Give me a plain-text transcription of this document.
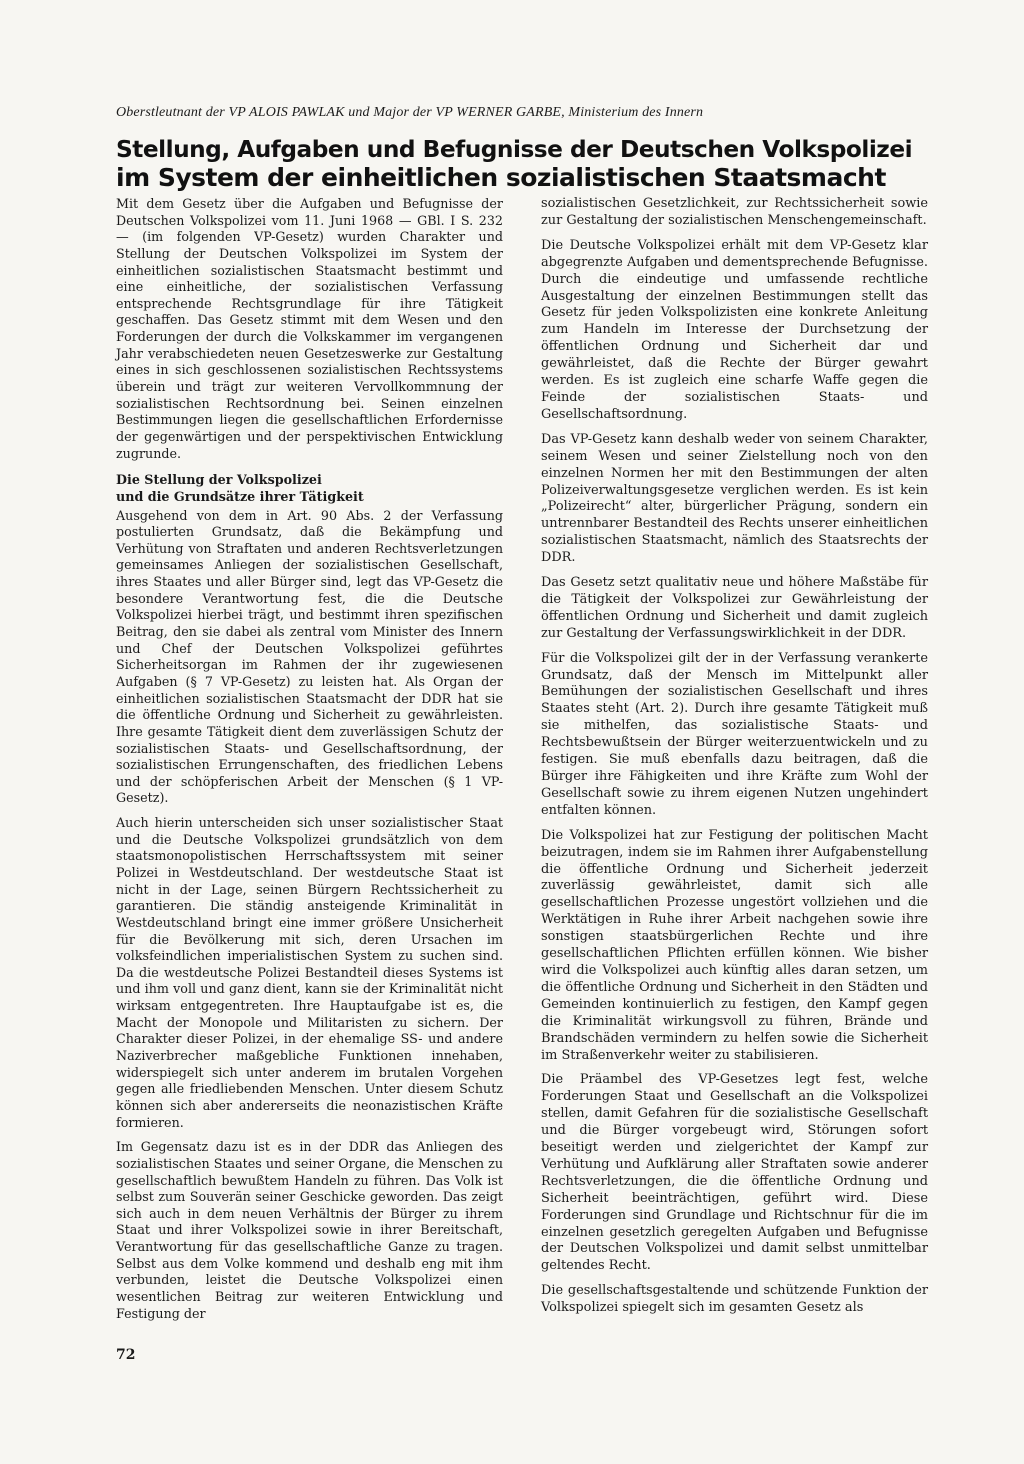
Oberstleutnant der VP ALOIS PAWLAK und Major der VP WERNER GARBE, Ministerium des Innern
Stellung, Aufgaben und Befugnisse der Deutschen Volkspolizei
im System der einheitlichen sozialistischen Staatsmacht

Mit dem Gesetz über die Aufgaben und Befugnisse der Deutschen Volkspolizei vom 11. Juni 1968 — GBl. I S. 232 — (im folgenden VP-Gesetz) wurden Charakter und Stellung der Deutschen Volkspolizei im System der einheitlichen sozialistischen Staatsmacht bestimmt und eine einheitliche, der sozialistischen Verfassung entsprechende Rechtsgrundlage für ihre Tätigkeit geschaffen. Das Gesetz stimmt mit dem Wesen und den Forderungen der durch die Volkskammer im vergangenen Jahr verabschiedeten neuen Gesetzeswerke zur Gestaltung eines in sich geschlossenen sozialistischen Rechtssystems überein und trägt zur weiteren Vervollkommnung der sozialistischen Rechtsordnung bei. Seinen einzelnen Bestimmungen liegen die gesellschaftlichen Erfordernisse der gegenwärtigen und der perspektivischen Entwicklung zugrunde.

Die Stellung der Volkspolizei
und die Grundsätze ihrer Tätigkeit

Ausgehend von dem in Art. 90 Abs. 2 der Verfassung postulierten Grundsatz, daß die Bekämpfung und Verhütung von Straftaten und anderen Rechtsverletzungen gemeinsames Anliegen der sozialistischen Gesellschaft, ihres Staates und aller Bürger sind, legt das VP-Gesetz die besondere Verantwortung fest, die die Deutsche Volkspolizei hierbei trägt, und bestimmt ihren spezifischen Beitrag, den sie dabei als zentral vom Minister des Innern und Chef der Deutschen Volkspolizei geführtes Sicherheitsorgan im Rahmen der ihr zugewiesenen Aufgaben (§ 7 VP-Gesetz) zu leisten hat. Als Organ der einheitlichen sozialistischen Staatsmacht der DDR hat sie die öffentliche Ordnung und Sicherheit zu gewährleisten. Ihre gesamte Tätigkeit dient dem zuverlässigen Schutz der sozialistischen Staats- und Gesellschaftsordnung, der sozialistischen Errungenschaften, des friedlichen Lebens und der schöpferischen Arbeit der Menschen (§ 1 VP-Gesetz).

Auch hierin unterscheiden sich unser sozialistischer Staat und die Deutsche Volkspolizei grundsätzlich von dem staatsmonopolistischen Herrschaftssystem mit seiner Polizei in Westdeutschland. Der westdeutsche Staat ist nicht in der Lage, seinen Bürgern Rechtssicherheit zu garantieren. Die ständig ansteigende Kriminalität in Westdeutschland bringt eine immer größere Unsicherheit für die Bevölkerung mit sich, deren Ursachen im volksfeindlichen imperialistischen System zu suchen sind. Da die westdeutsche Polizei Bestandteil dieses Systems ist und ihm voll und ganz dient, kann sie der Kriminalität nicht wirksam entgegentreten. Ihre Hauptaufgabe ist es, die Macht der Monopole und Militaristen zu sichern. Der Charakter dieser Polizei, in der ehemalige SS- und andere Naziverbrecher maßgebliche Funktionen innehaben, widerspiegelt sich unter anderem im brutalen Vorgehen gegen alle friedliebenden Menschen. Unter diesem Schutz können sich aber andererseits die neonazistischen Kräfte formieren.

Im Gegensatz dazu ist es in der DDR das Anliegen des sozialistischen Staates und seiner Organe, die Menschen zu gesellschaftlich bewußtem Handeln zu führen. Das Volk ist selbst zum Souverän seiner Geschicke geworden. Das zeigt sich auch in dem neuen Verhältnis der Bürger zu ihrem Staat und ihrer Volkspolizei sowie in ihrer Bereitschaft, Verantwortung für das gesellschaftliche Ganze zu tragen. Selbst aus dem Volke kommend und deshalb eng mit ihm verbunden, leistet die Deutsche Volkspolizei einen wesentlichen Beitrag zur weiteren Entwicklung und Festigung der

sozialistischen Gesetzlichkeit, zur Rechtssicherheit sowie zur Gestaltung der sozialistischen Menschengemeinschaft.

Die Deutsche Volkspolizei erhält mit dem VP-Gesetz klar abgegrenzte Aufgaben und dementsprechende Befugnisse. Durch die eindeutige und umfassende rechtliche Ausgestaltung der einzelnen Bestimmungen stellt das Gesetz für jeden Volkspolizisten eine konkrete Anleitung zum Handeln im Interesse der Durchsetzung der öffentlichen Ordnung und Sicherheit dar und gewährleistet, daß die Rechte der Bürger gewahrt werden. Es ist zugleich eine scharfe Waffe gegen die Feinde der sozialistischen Staats- und Gesellschaftsordnung.

Das VP-Gesetz kann deshalb weder von seinem Charakter, seinem Wesen und seiner Zielstellung noch von den einzelnen Normen her mit den Bestimmungen der alten Polizeiverwaltungsgesetze verglichen werden. Es ist kein „Polizeirecht“ alter, bürgerlicher Prägung, sondern ein untrennbarer Bestandteil des Rechts unserer einheitlichen sozialistischen Staatsmacht, nämlich des Staatsrechts der DDR.

Das Gesetz setzt qualitativ neue und höhere Maßstäbe für die Tätigkeit der Volkspolizei zur Gewährleistung der öffentlichen Ordnung und Sicherheit und damit zugleich zur Gestaltung der Verfassungswirklichkeit in der DDR.

Für die Volkspolizei gilt der in der Verfassung verankerte Grundsatz, daß der Mensch im Mittelpunkt aller Bemühungen der sozialistischen Gesellschaft und ihres Staates steht (Art. 2). Durch ihre gesamte Tätigkeit muß sie mithelfen, das sozialistische Staats- und Rechtsbewußtsein der Bürger weiterzuentwickeln und zu festigen. Sie muß ebenfalls dazu beitragen, daß die Bürger ihre Fähigkeiten und ihre Kräfte zum Wohl der Gesellschaft sowie zu ihrem eigenen Nutzen ungehindert entfalten können.

Die Volkspolizei hat zur Festigung der politischen Macht beizutragen, indem sie im Rahmen ihrer Aufgabenstellung die öffentliche Ordnung und Sicherheit jederzeit zuverlässig gewährleistet, damit sich alle gesellschaftlichen Prozesse ungestört vollziehen und die Werktätigen in Ruhe ihrer Arbeit nachgehen sowie ihre sonstigen staatsbürgerlichen Rechte und ihre gesellschaftlichen Pflichten erfüllen können. Wie bisher wird die Volkspolizei auch künftig alles daran setzen, um die öffentliche Ordnung und Sicherheit in den Städten und Gemeinden kontinuierlich zu festigen, den Kampf gegen die Kriminalität wirkungsvoll zu führen, Brände und Brandschäden vermindern zu helfen sowie die Sicherheit im Straßenverkehr weiter zu stabilisieren.

Die Präambel des VP-Gesetzes legt fest, welche Forderungen Staat und Gesellschaft an die Volkspolizei stellen, damit Gefahren für die sozialistische Gesellschaft und die Bürger vorgebeugt wird, Störungen sofort beseitigt werden und zielgerichtet der Kampf zur Verhütung und Aufklärung aller Straftaten sowie anderer Rechtsverletzungen, die die öffentliche Ordnung und Sicherheit beeinträchtigen, geführt wird. Diese Forderungen sind Grundlage und Richtschnur für die im einzelnen gesetzlich geregelten Aufgaben und Befugnisse der Deutschen Volkspolizei und damit selbst unmittelbar geltendes Recht.

Die gesellschaftsgestaltende und schützende Funktion der Volkspolizei spiegelt sich im gesamten Gesetz als

72
